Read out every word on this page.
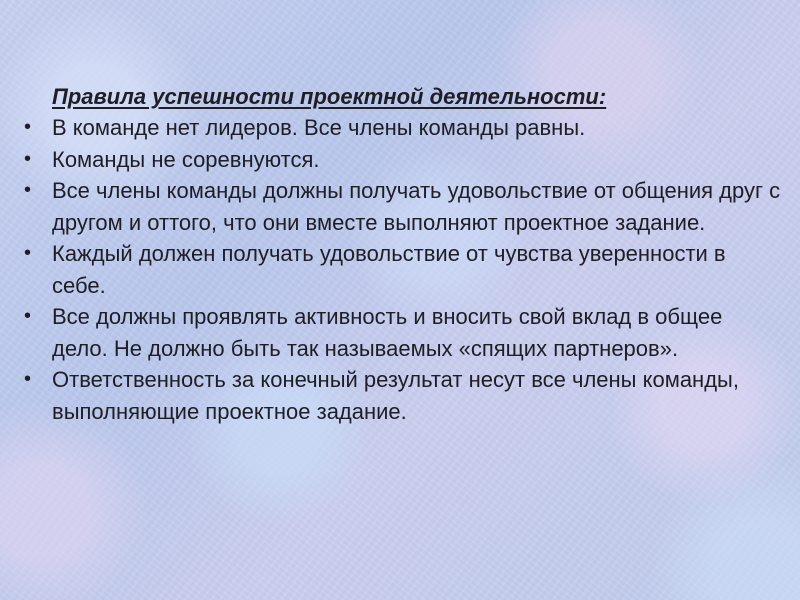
Правила успешности проектной деятельности:

• В команде нет лидеров. Все члены команды равны.
• Команды не соревнуются.
• Все члены команды должны получать удовольствие от общения друг с другом и оттого, что они вместе выполняют проектное задание.
• Каждый должен получать удовольствие от чувства уверенности в себе.
• Все должны проявлять активность и вносить свой вклад в общее дело. Не должно быть так называемых «спящих партнеров».
• Ответственность за конечный результат несут все члены команды, выполняющие проектное задание.
